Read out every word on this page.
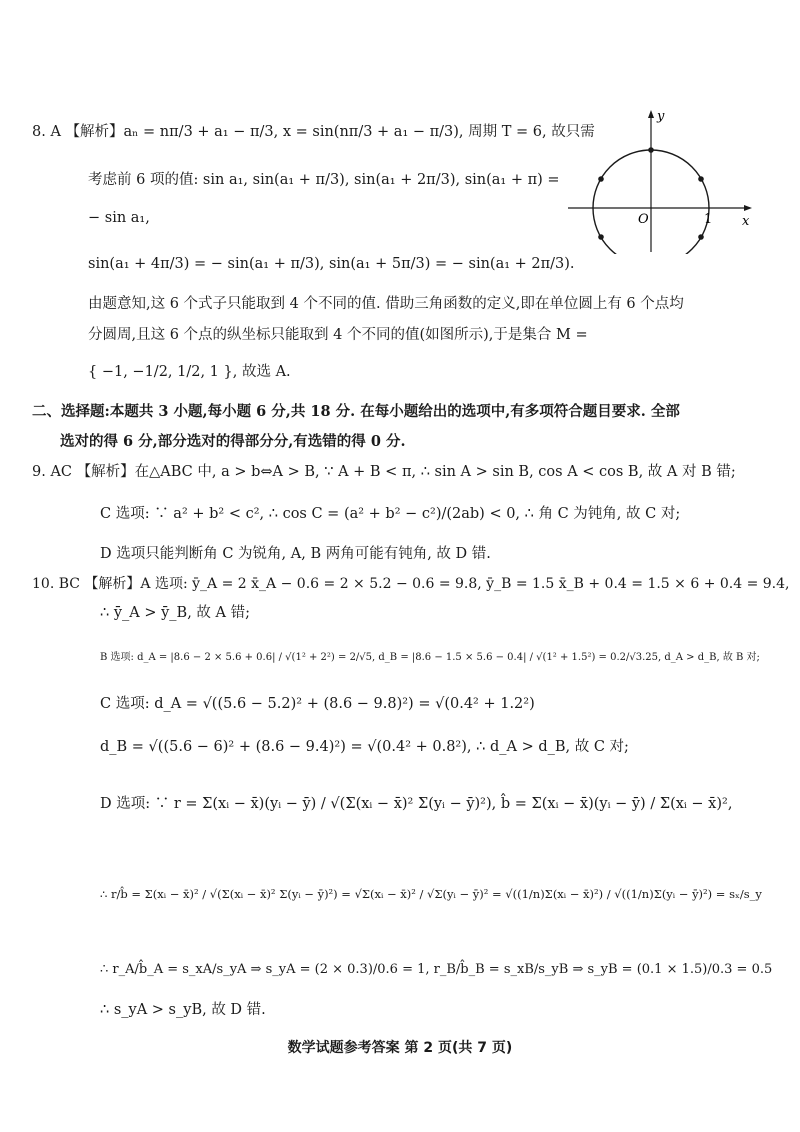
8. A 【解析】aₙ = nπ/3 + a₁ − π/3, x = sin(nπ/3 + a₁ − π/3), 周期 T = 6, 故只需
考虑前 6 项的值: sin a₁, sin(a₁ + π/3), sin(a₁ + 2π/3), sin(a₁ + π) =
− sin a₁,
sin(a₁ + 4π/3) = − sin(a₁ + π/3), sin(a₁ + 5π/3) = − sin(a₁ + 2π/3).
由题意知,这 6 个式子只能取到 4 个不同的值. 借助三角函数的定义,即在单位圆上有 6 个点均
分圆周,且这 6 个点的纵坐标只能取到 4 个不同的值(如图所示),于是集合 M =
{ −1, −1/2, 1/2, 1 }, 故选 A.
二、选择题:本题共 3 小题,每小题 6 分,共 18 分. 在每小题给出的选项中,有多项符合题目要求. 全部
选对的得 6 分,部分选对的得部分分,有选错的得 0 分.
9. AC 【解析】在△ABC 中, a > b⇔A > B, ∵ A + B < π, ∴ sin A > sin B, cos A < cos B, 故 A 对 B 错;
C 选项: ∵ a² + b² < c², ∴ cos C = (a² + b² − c²)/(2ab) < 0, ∴ 角 C 为钝角, 故 C 对;
D 选项只能判断角 C 为锐角, A, B 两角可能有钝角, 故 D 错.
10. BC 【解析】A 选项: ȳ_A = 2 x̄_A − 0.6 = 2 × 5.2 − 0.6 = 9.8, ȳ_B = 1.5 x̄_B + 0.4 = 1.5 × 6 + 0.4 = 9.4,
∴ ȳ_A > ȳ_B, 故 A 错;
B 选项: d_A = |8.6 − 2 × 5.6 + 0.6| / √(1² + 2²) = 2/√5, d_B = |8.6 − 1.5 × 5.6 − 0.4| / √(1² + 1.5²) = 0.2/√3.25, d_A > d_B, 故 B 对;
C 选项: d_A = √((5.6 − 5.2)² + (8.6 − 9.8)²) = √(0.4² + 1.2²)
d_B = √((5.6 − 6)² + (8.6 − 9.4)²) = √(0.4² + 0.8²), ∴ d_A > d_B, 故 C 对;
D 选项: ∵ r = Σ(xᵢ − x̄)(yᵢ − ȳ) / √(Σ(xᵢ − x̄)² Σ(yᵢ − ȳ)²), b̂ = Σ(xᵢ − x̄)(yᵢ − ȳ) / Σ(xᵢ − x̄)²,
∴ r/b̂ = Σ(xᵢ − x̄)² / √(Σ(xᵢ − x̄)² Σ(yᵢ − ȳ)²) = √Σ(xᵢ − x̄)² / √Σ(yᵢ − ȳ)² = √((1/n)Σ(xᵢ − x̄)²) / √((1/n)Σ(yᵢ − ȳ)²) = sₓ/s_y
∴ r_A/b̂_A = s_xA/s_yA ⇒ s_yA = (2 × 0.3)/0.6 = 1, r_B/b̂_B = s_xB/s_yB ⇒ s_yB = (0.1 × 1.5)/0.3 = 0.5
∴ s_yA > s_yB, 故 D 错.
y
x
O	1
数学试题参考答案 第 2 页(共 7 页)
